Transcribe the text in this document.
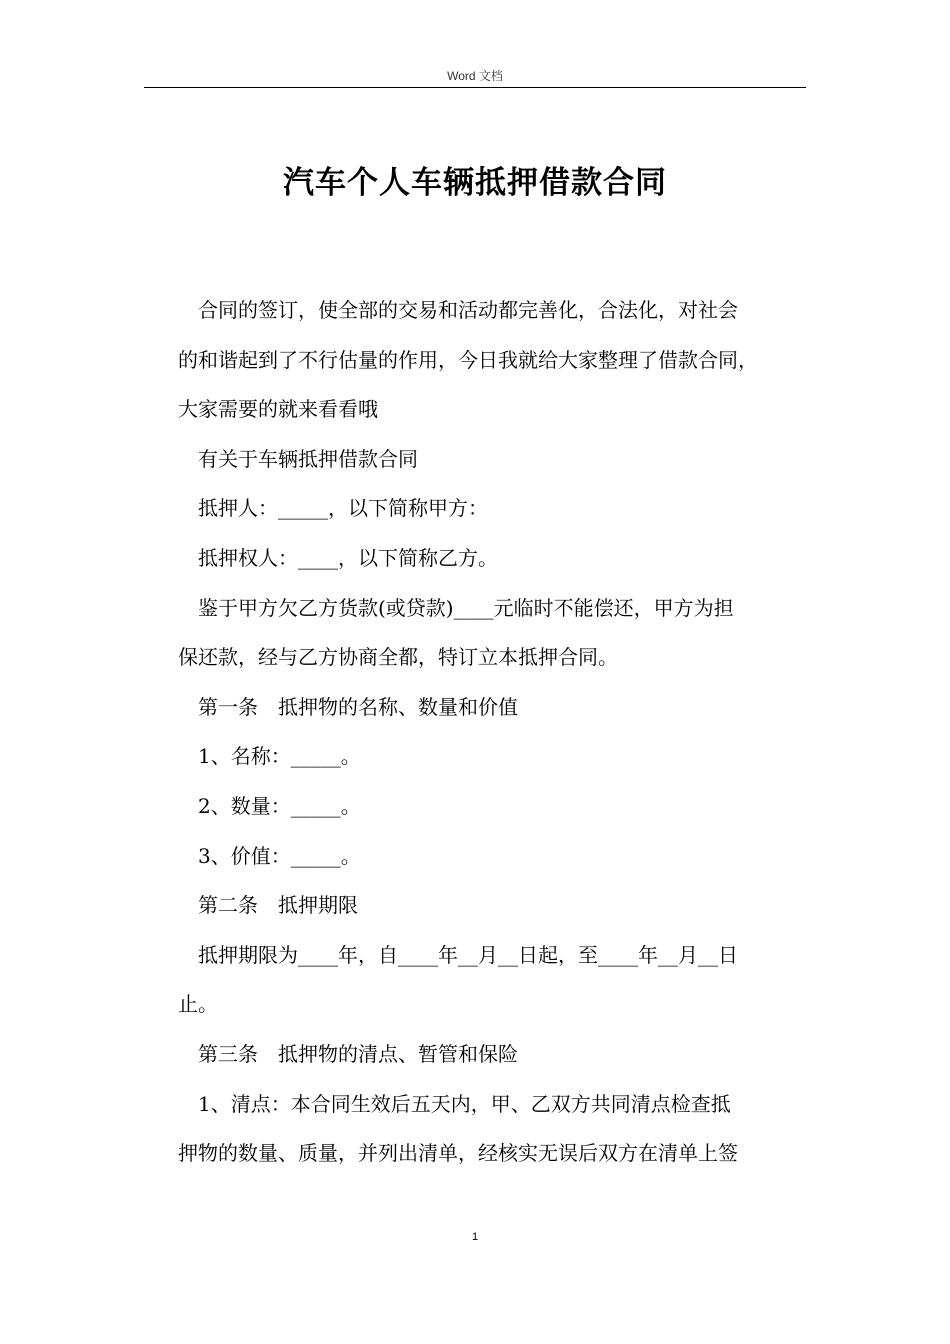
Word 文档
汽车个人车辆抵押借款合同

合同的签订，使全部的交易和活动都完善化，合法化，对社会

的和谐起到了不行估量的作用，今日我就给大家整理了借款合同，

大家需要的就来看看哦

有关于车辆抵押借款合同

抵押人：_____，以下简称甲方：

抵押权人：____，以下简称乙方。

鉴于甲方欠乙方货款(或贷款)____元临时不能偿还，甲方为担

保还款，经与乙方协商全都，特订立本抵押合同。

第一条　抵押物的名称、数量和价值

1、名称：_____。

2、数量：_____。

3、价值：_____。

第二条　抵押期限

抵押期限为____年，自____年__月__日起，至____年__月__日

止。

第三条　抵押物的清点、暂管和保险

1、清点：本合同生效后五天内，甲、乙双方共同清点检查抵

押物的数量、质量，并列出清单，经核实无误后双方在清单上签

1
